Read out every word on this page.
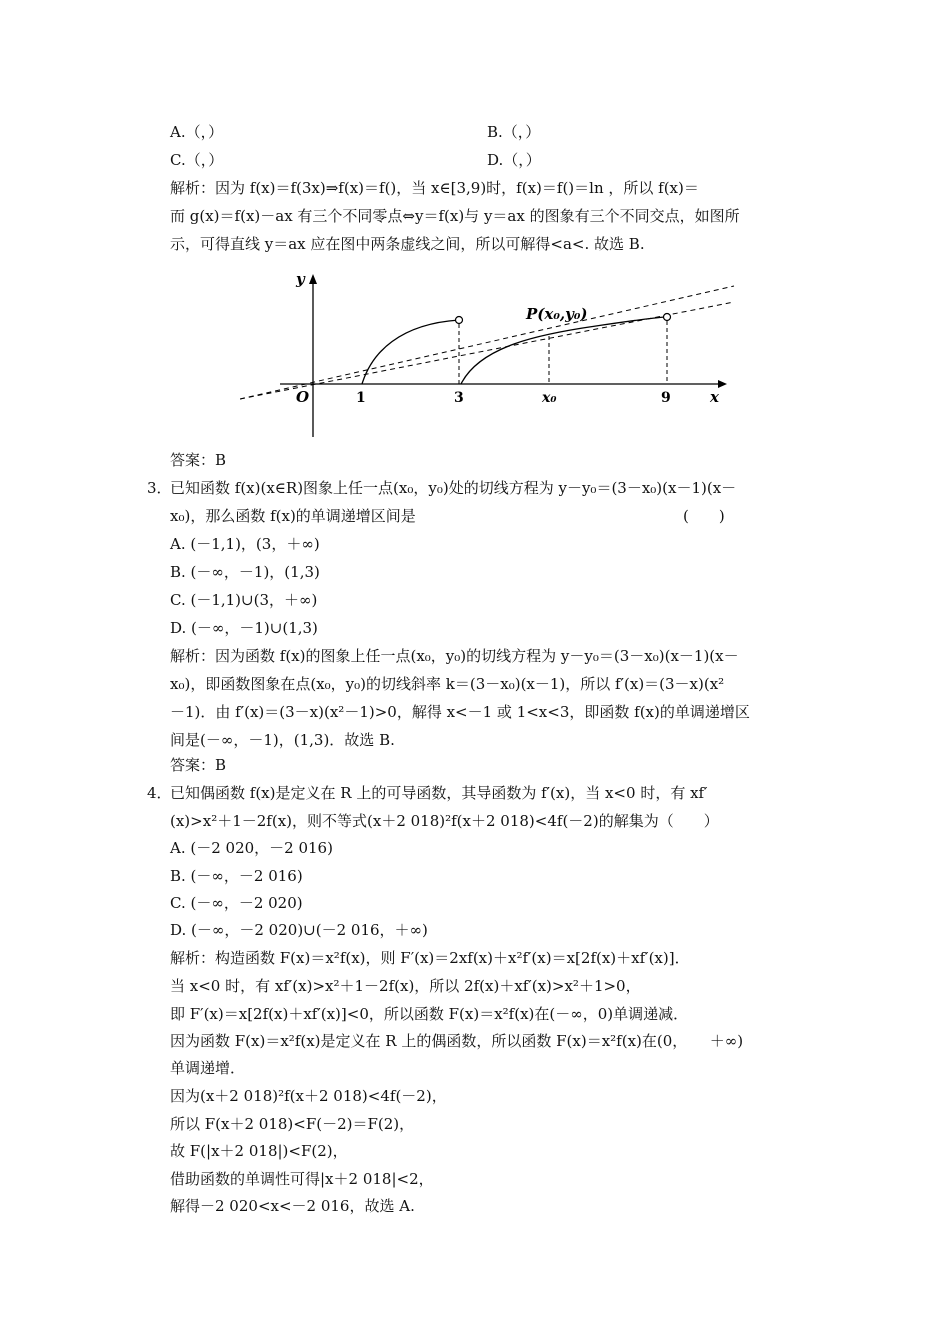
A.（，）	B.（，）
C.（，）	D.（，）
解析：因为 f(x)＝f(3x)⇒f(x)＝f()，当 x∈[3,9)时，f(x)＝f()＝ln ，所以 f(x)＝
而 g(x)＝f(x)－ax 有三个不同零点⇔y＝f(x)与 y＝ax 的图象有三个不同交点，如图所
示，可得直线 y＝ax 应在图中两条虚线之间，所以可解得<a<. 故选 B.
y
x
O	1	3	x₀	9
P(x₀,y₀)
答案：B
3．
已知函数 f(x)(x∈R)图象上任一点(x₀，y₀)处的切线方程为 y－y₀＝(3－x₀)(x－1)(x－
x₀)，那么函数 f(x)的单调递增区间是	(　　)
A. (－1,1)，(3，＋∞)
B. (－∞，－1)，(1,3)
C. (－1,1)∪(3，＋∞)
D. (－∞，－1)∪(1,3)
解析：因为函数 f(x)的图象上任一点(x₀，y₀)的切线方程为 y－y₀＝(3－x₀)(x－1)(x－
x₀)，即函数图象在点(x₀，y₀)的切线斜率 k＝(3－x₀)(x－1)，所以 f′(x)＝(3－x)(x²
－1)．由 f′(x)＝(3－x)(x²－1)>0，解得 x<－1 或 1<x<3，即函数 f(x)的单调递增区
间是(－∞，－1)，(1,3)．故选 B.
答案：B
4．
已知偶函数 f(x)是定义在 R 上的可导函数，其导函数为 f′(x)，当 x<0 时，有 xf′
(x)>x²＋1－2f(x)，则不等式(x＋2 018)²f(x＋2 018)<4f(－2)的解集为（　　）
A. (－2 020，－2 016)
B. (－∞，－2 016)
C. (－∞，－2 020)
D. (－∞，－2 020)∪(－2 016，＋∞)
解析：构造函数 F(x)＝x²f(x)，则 F′(x)＝2xf(x)＋x²f′(x)＝x[2f(x)＋xf′(x)]．
当 x<0 时，有 xf′(x)>x²＋1－2f(x)，所以 2f(x)＋xf′(x)>x²＋1>0，
即 F′(x)＝x[2f(x)＋xf′(x)]<0，所以函数 F(x)＝x²f(x)在(－∞，0)单调递减．
因为函数 F(x)＝x²f(x)是定义在 R 上的偶函数，所以函数 F(x)＝x²f(x)在(0，　　＋∞)
单调递增．
因为(x＋2 018)²f(x＋2 018)<4f(－2)，
所以 F(x＋2 018)<F(－2)＝F(2)，
故 F(|x＋2 018|)<F(2)，
借助函数的单调性可得|x＋2 018|<2，
解得－2 020<x<－2 016，故选 A.
